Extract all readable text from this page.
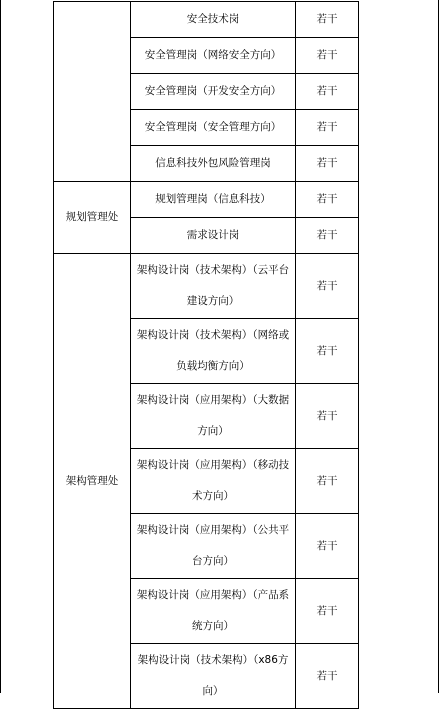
	安全技术岗	若干
	安全管理岗（网络安全方向）	若干
	安全管理岗（开发安全方向）	若干
	安全管理岗（安全管理方向）	若干
	信息科技外包风险管理岗	若干
规划管理处	规划管理岗（信息科技）	若干
	需求设计岗	若干
架构管理处	架构设计岗（技术架构）（云平台建设方向）	若干
	架构设计岗（技术架构）（网络或负载均衡方向）	若干
	架构设计岗（应用架构）（大数据方向）	若干
	架构设计岗（应用架构）（移动技术方向）	若干
	架构设计岗（应用架构）（公共平台方向）	若干
	架构设计岗（应用架构）（产品系统方向）	若干
	架构设计岗（技术架构）（x86方向）	若干
